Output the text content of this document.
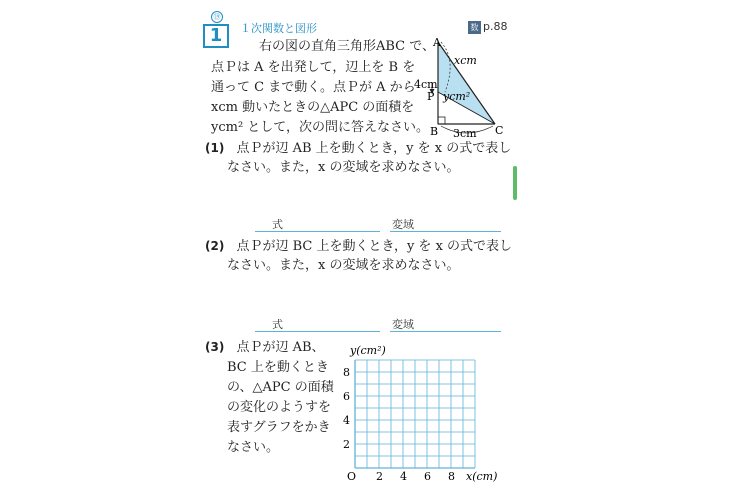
⑲
1	１次関数と図形	数 p.88
右の図の直角三角形ABC で、
点Ｐは A を出発して，辺上を B を
通って C まで動く。点Ｐが A から
xcm 動いたときの△APC の面積を
ycm² として，次の問に答えなさい。
A
B	C
P
xcm
ycm²
4cm
3cm
(1) 点Ｐが辺 AB 上を動くとき，y を x の式で表し
なさい。また，x の変域を求めなさい。
式	変域
(2) 点Ｐが辺 BC 上を動くとき，y を x の式で表し
なさい。また，x の変域を求めなさい。
式	変域
(3) 点Ｐが辺 AB、
BC 上を動くとき
の、△APC の面積
の変化のようすを
表すグラフをかき
なさい。
2 4 6 8
2
4
6
8
y(cm²)
O	x(cm)
